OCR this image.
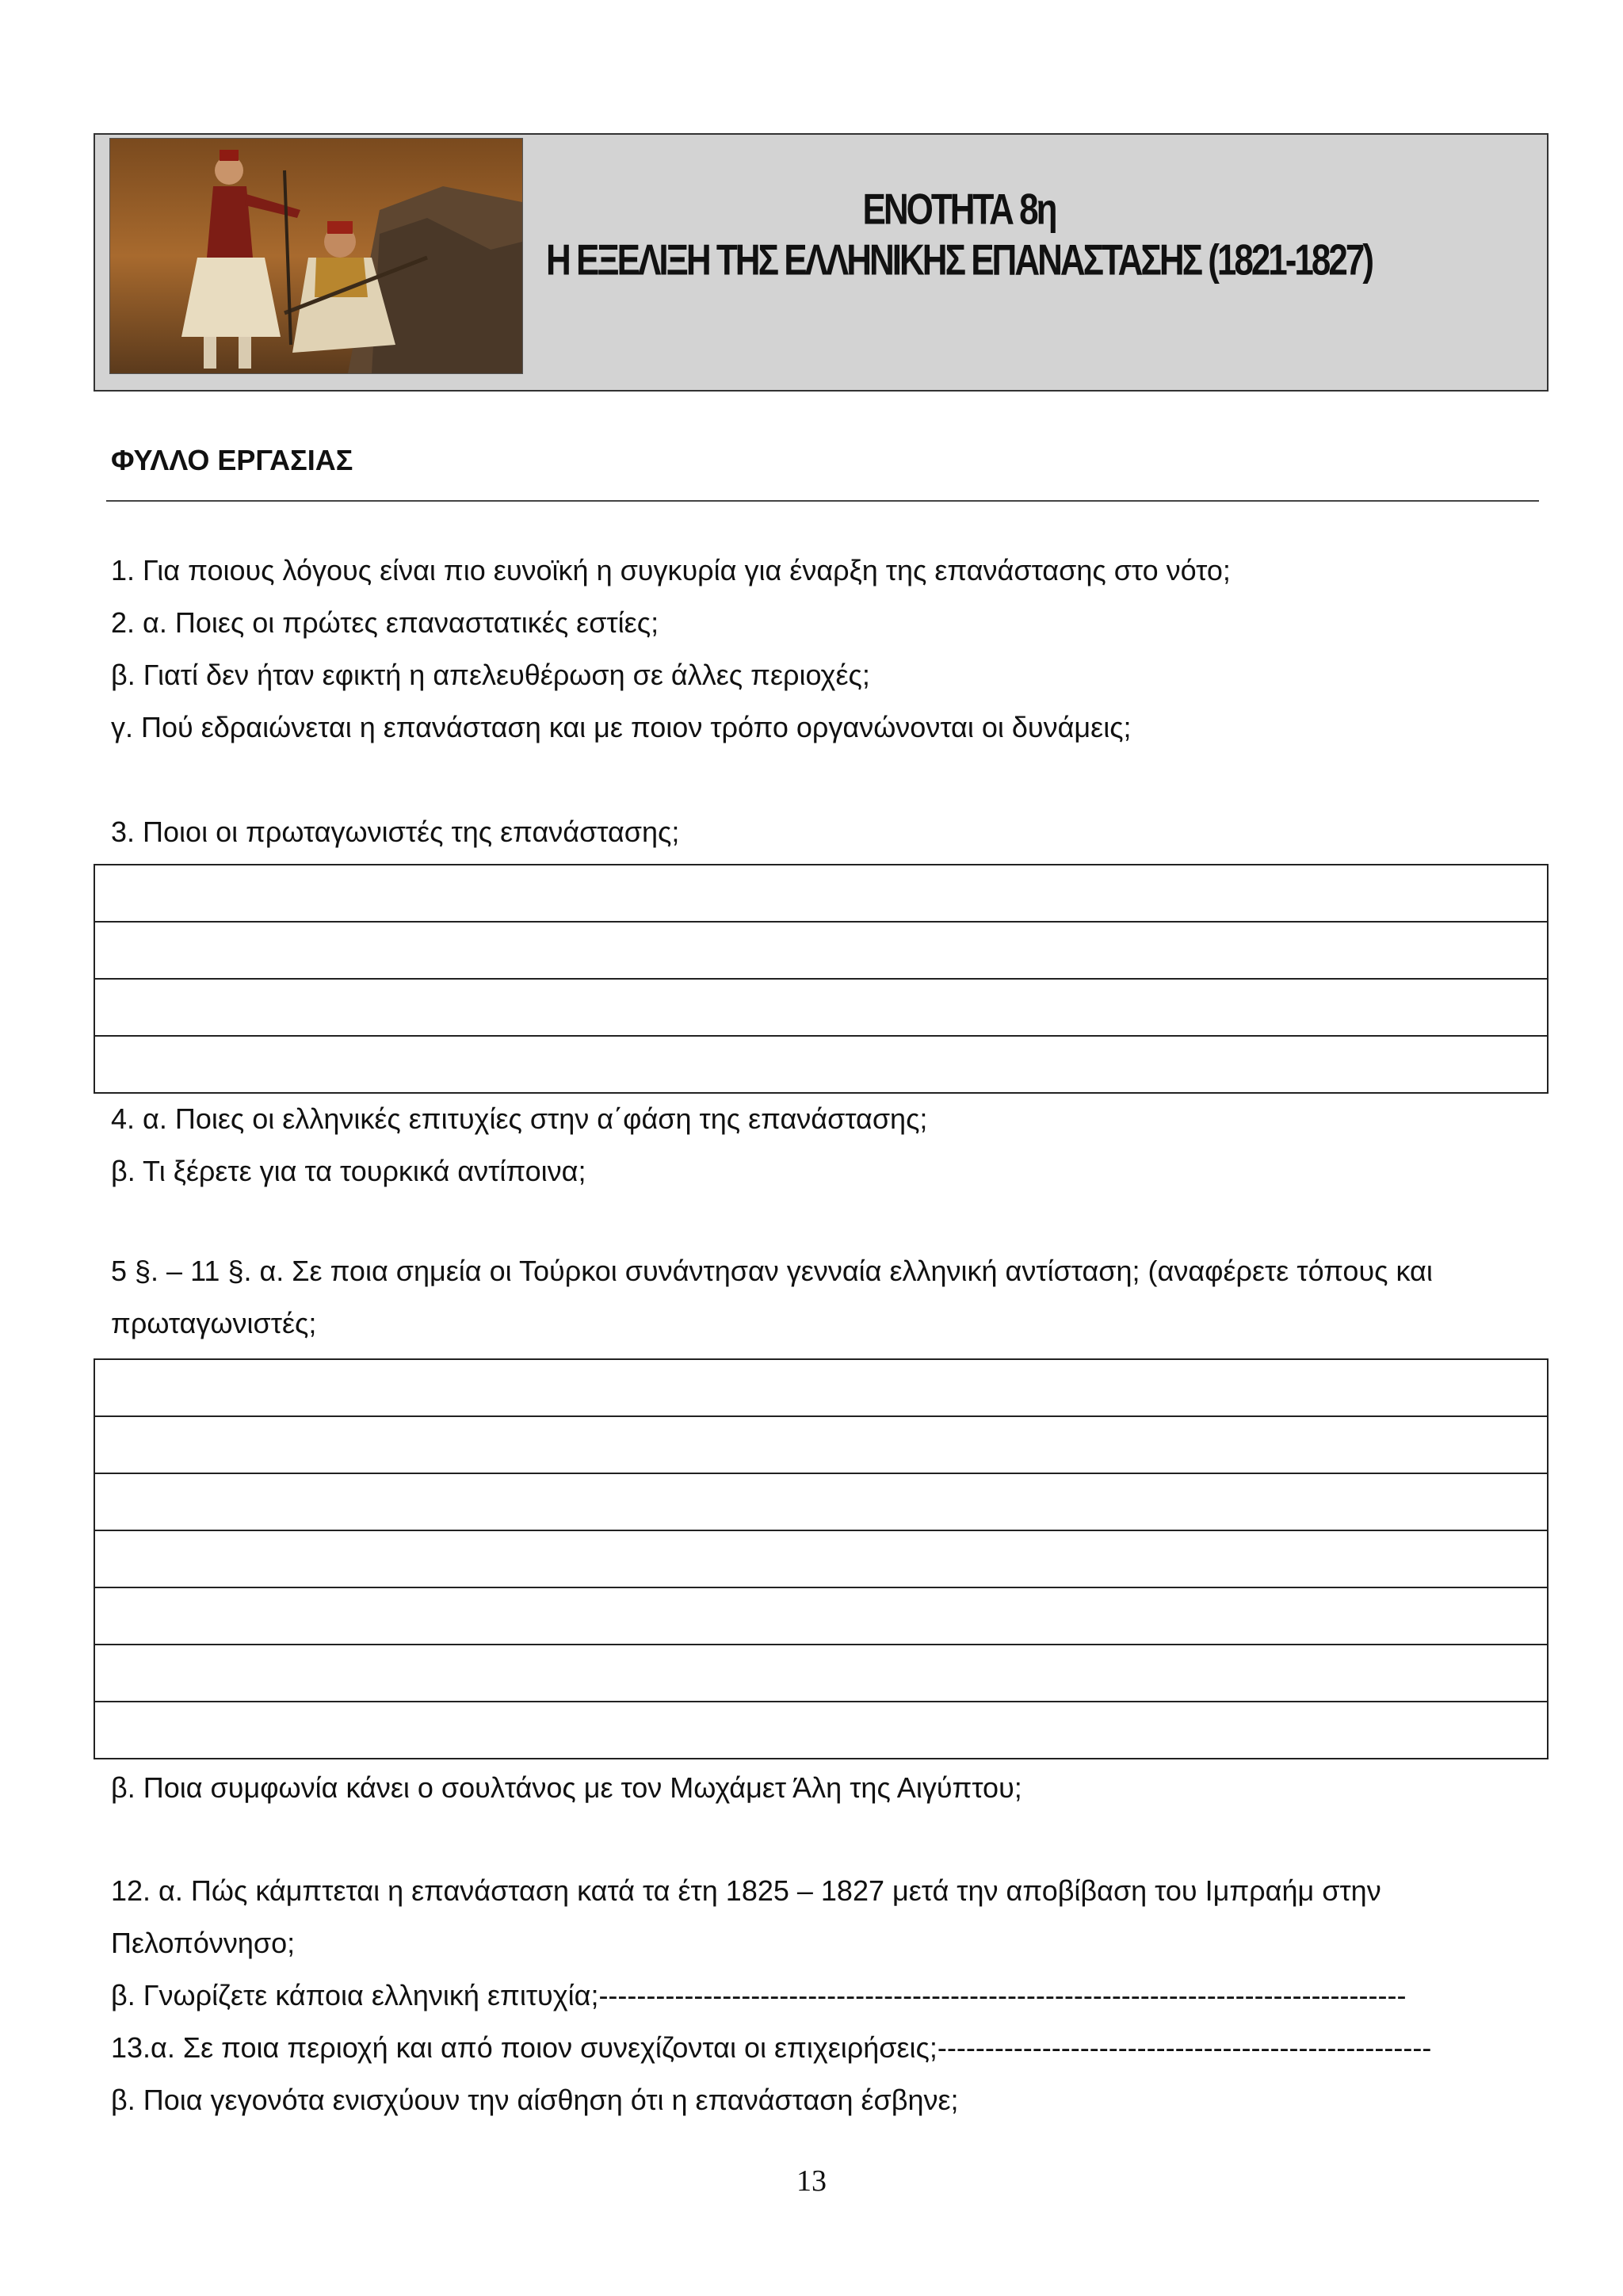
ΕΝΟΤΗΤΑ 8η
Η ΕΞΕΛΙΞΗ ΤΗΣ ΕΛΛΗΝΙΚΗΣ ΕΠΑΝΑΣΤΑΣΗΣ (1821-1827)
ΦΥΛΛΟ ΕΡΓΑΣΙΑΣ
1. Για ποιους λόγους είναι πιο ευνοϊκή η συγκυρία για έναρξη της επανάστασης στο νότο;
2. α. Ποιες οι πρώτες επαναστατικές εστίες;
β. Γιατί δεν ήταν εφικτή η απελευθέρωση σε άλλες περιοχές;
γ. Πού εδραιώνεται η επανάσταση και με ποιον τρόπο οργανώνονται οι δυνάμεις;
3. Ποιοι οι πρωταγωνιστές της επανάστασης;

4. α. Ποιες οι ελληνικές επιτυχίες στην α΄φάση της επανάστασης;
β. Τι ξέρετε για τα τουρκικά αντίποινα;
5 §. – 11 §. α. Σε ποια σημεία οι Τούρκοι συνάντησαν γενναία ελληνική αντίσταση; (αναφέρετε τόπους και
πρωταγωνιστές;

β. Ποια συμφωνία κάνει ο σουλτάνος με τον Μωχάμετ Άλη της Αιγύπτου;
12. α. Πώς κάμπτεται η επανάσταση κατά τα έτη 1825 – 1827 μετά την αποβίβαση του Ιμπραήμ στην
Πελοπόννησο;
β. Γνωρίζετε κάποια ελληνική επιτυχία;-------------------------------------------------------------------------------------
13.α. Σε ποια περιοχή και από ποιον συνεχίζονται οι επιχειρήσεις;----------------------------------------------------
β. Ποια γεγονότα ενισχύουν την αίσθηση ότι η επανάσταση έσβηνε;
13
